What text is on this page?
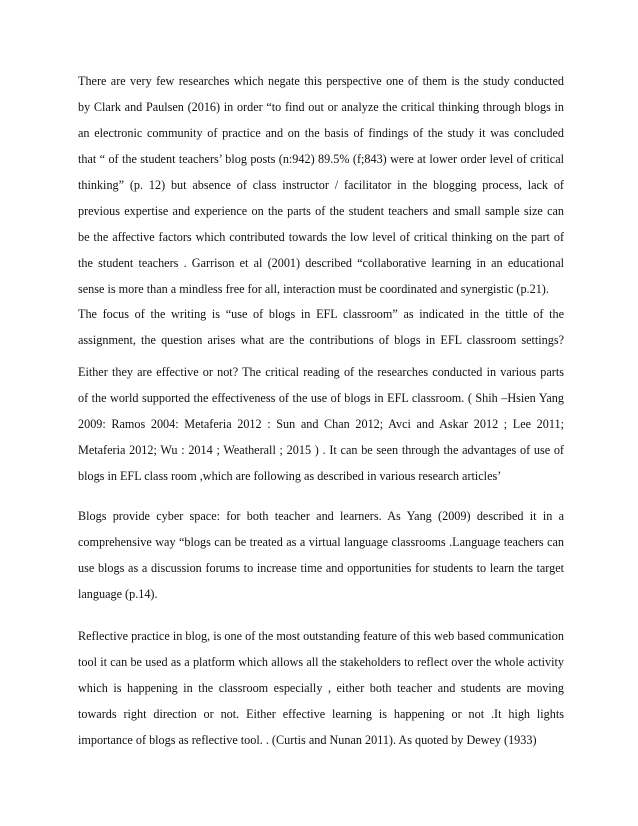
There are very few researches which negate this perspective one of them is the study conducted
by Clark and Paulsen (2016) in order “to find out or analyze the critical thinking through blogs in
an electronic community of practice and on the basis of findings of the study it was concluded
that “ of the student teachers’ blog posts (n:942) 89.5% (f;843) were at lower order level of critical
thinking” (p. 12) but absence of class instructor / facilitator in the blogging process, lack of
previous expertise and experience on the parts of the student teachers and small sample size can
be the affective factors which contributed towards the low level of critical thinking on the part of
the student teachers . Garrison et al (2001) described “collaborative learning in an educational
sense is more than a mindless free for all, interaction must be coordinated and synergistic (p.21).
The focus of the writing is “use of blogs in EFL classroom” as indicated in the tittle of the
assignment, the question arises what are the contributions of blogs in EFL classroom settings?
Either they are effective or not? The critical reading of the researches conducted in various parts
of the world supported the effectiveness of the use of blogs in EFL classroom. ( Shih –Hsien Yang
2009: Ramos 2004: Metaferia 2012 : Sun and Chan 2012; Avci and Askar 2012 ; Lee 2011;
Metaferia 2012; Wu : 2014 ; Weatherall ; 2015 ) . It can be seen through the advantages of use of
blogs in EFL class room ,which are following as described in various research articles’
Blogs provide cyber space: for both teacher and learners. As Yang (2009) described it in a
comprehensive way “blogs can be treated as a virtual language classrooms .Language teachers can
use blogs as a discussion forums to increase time and opportunities for students to learn the target
language (p.14).
Reflective practice in blog, is one of the most outstanding feature of this web based communication
tool it can be used as a platform which allows all the stakeholders to reflect over the whole activity
which is happening in the classroom especially , either both teacher and students are moving
towards right direction or not. Either effective learning is happening or not .It high lights
importance of blogs as reflective tool. . (Curtis and Nunan 2011). As quoted by Dewey (1933)
